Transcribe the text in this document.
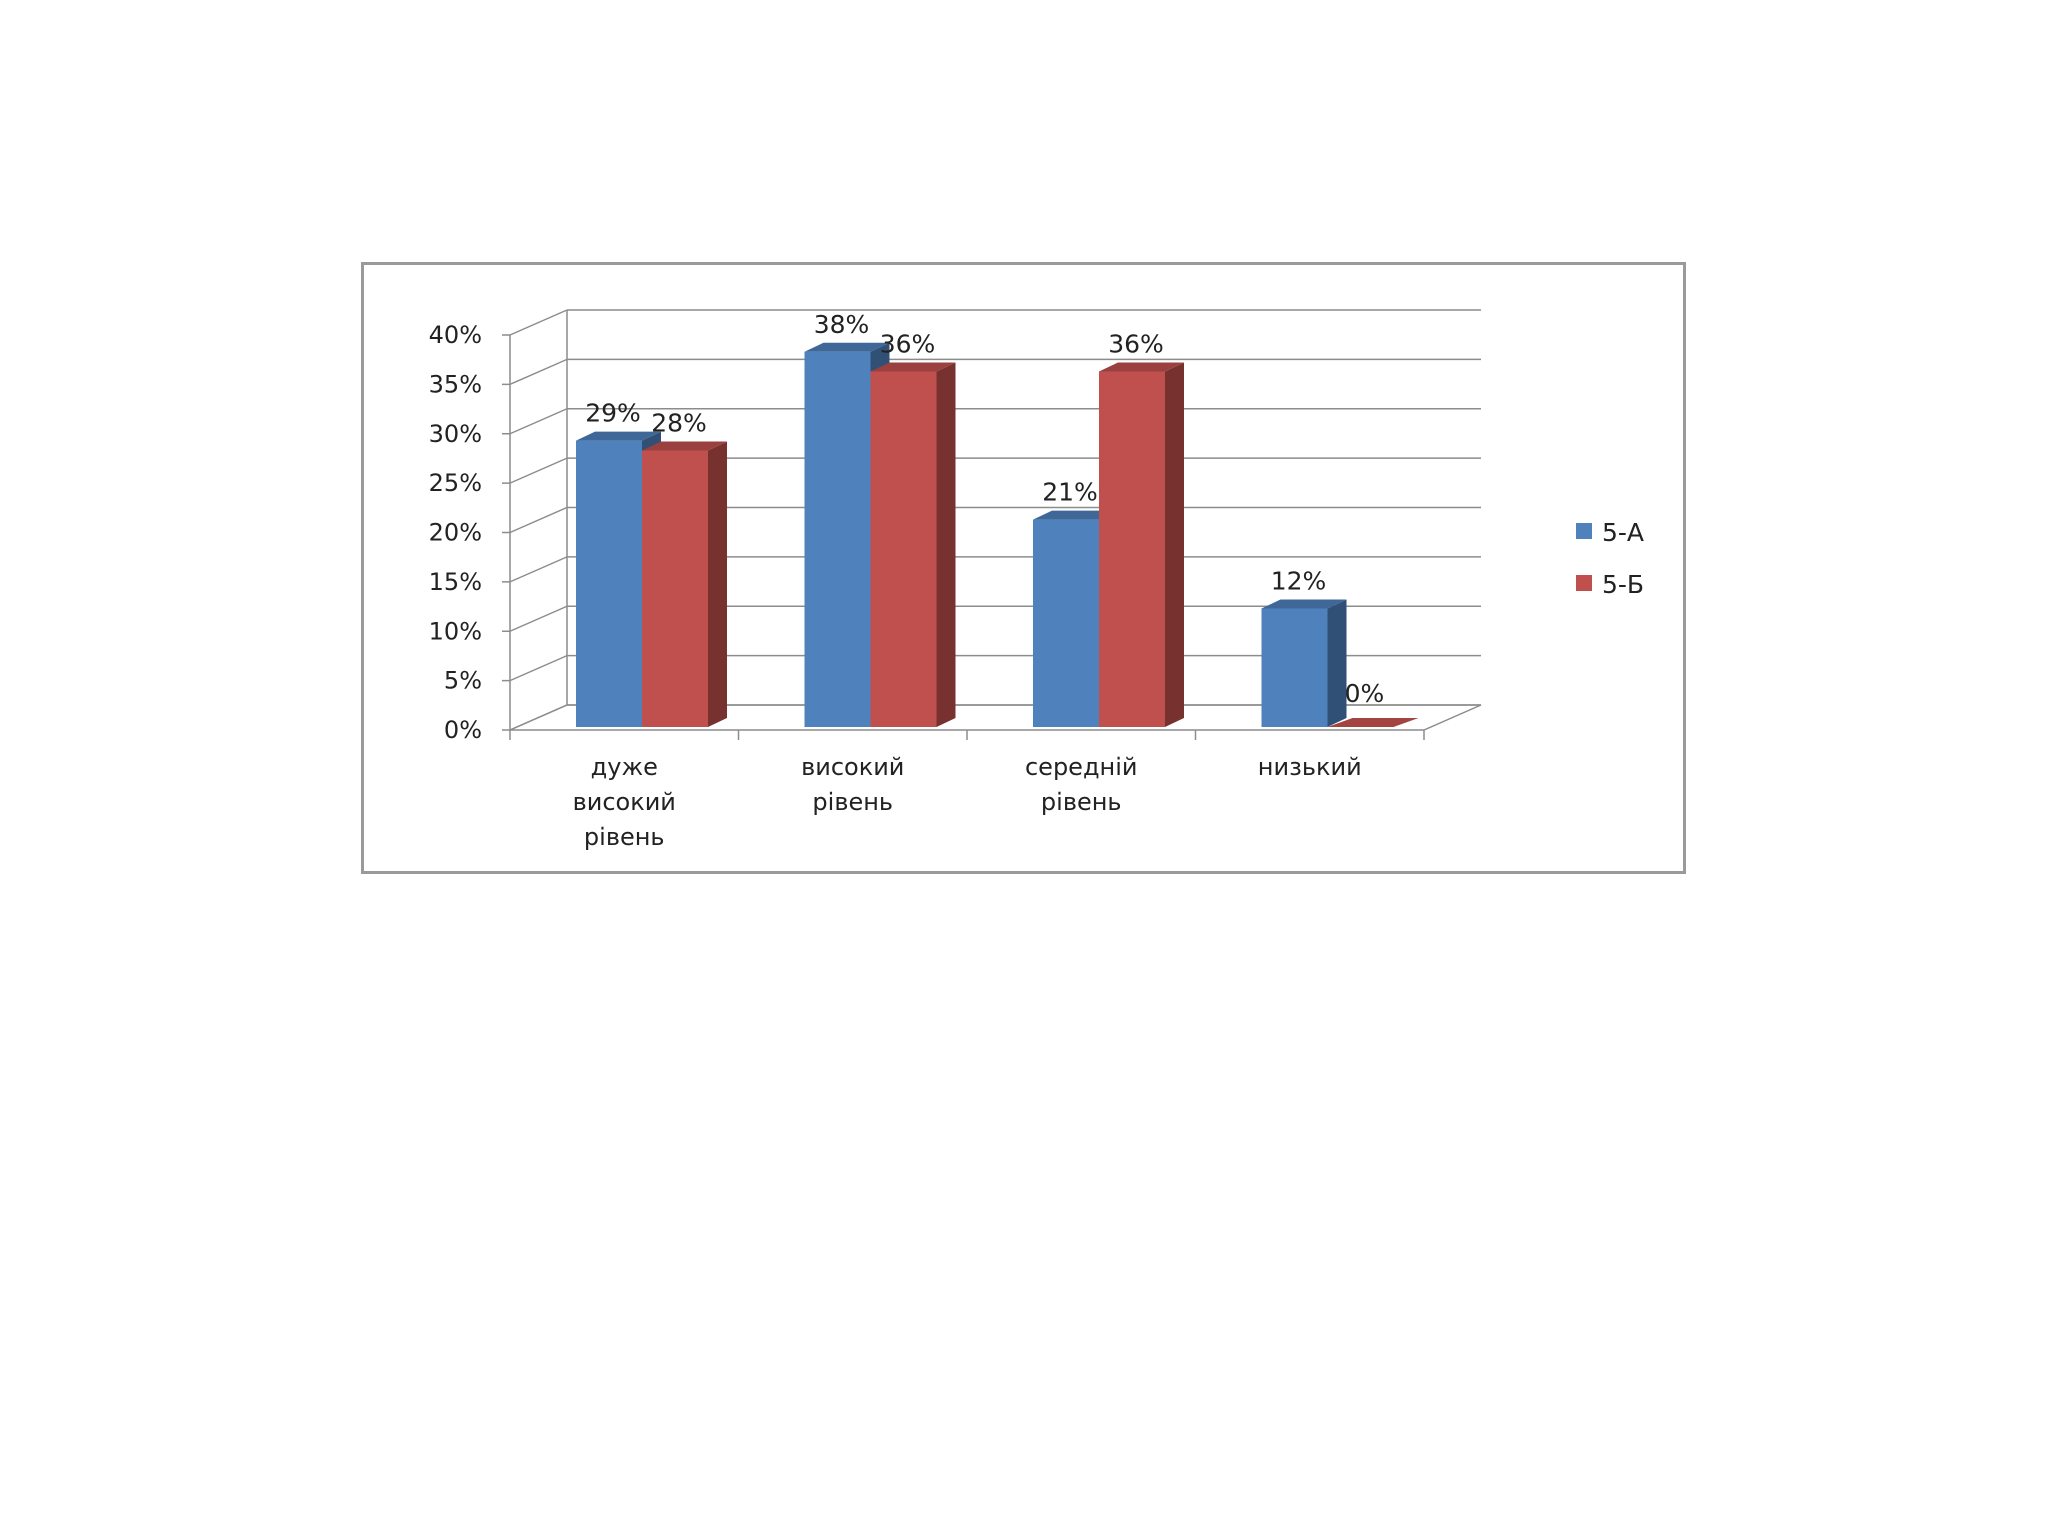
0%
5%
10%
15%
20%
25%
30%
35%
40%
дуже
високий
рівень
високий
рівень
середній
рівень
низький
29% 28%
38%
36%
21%
36%
12%
0%
5-А
5-Б
